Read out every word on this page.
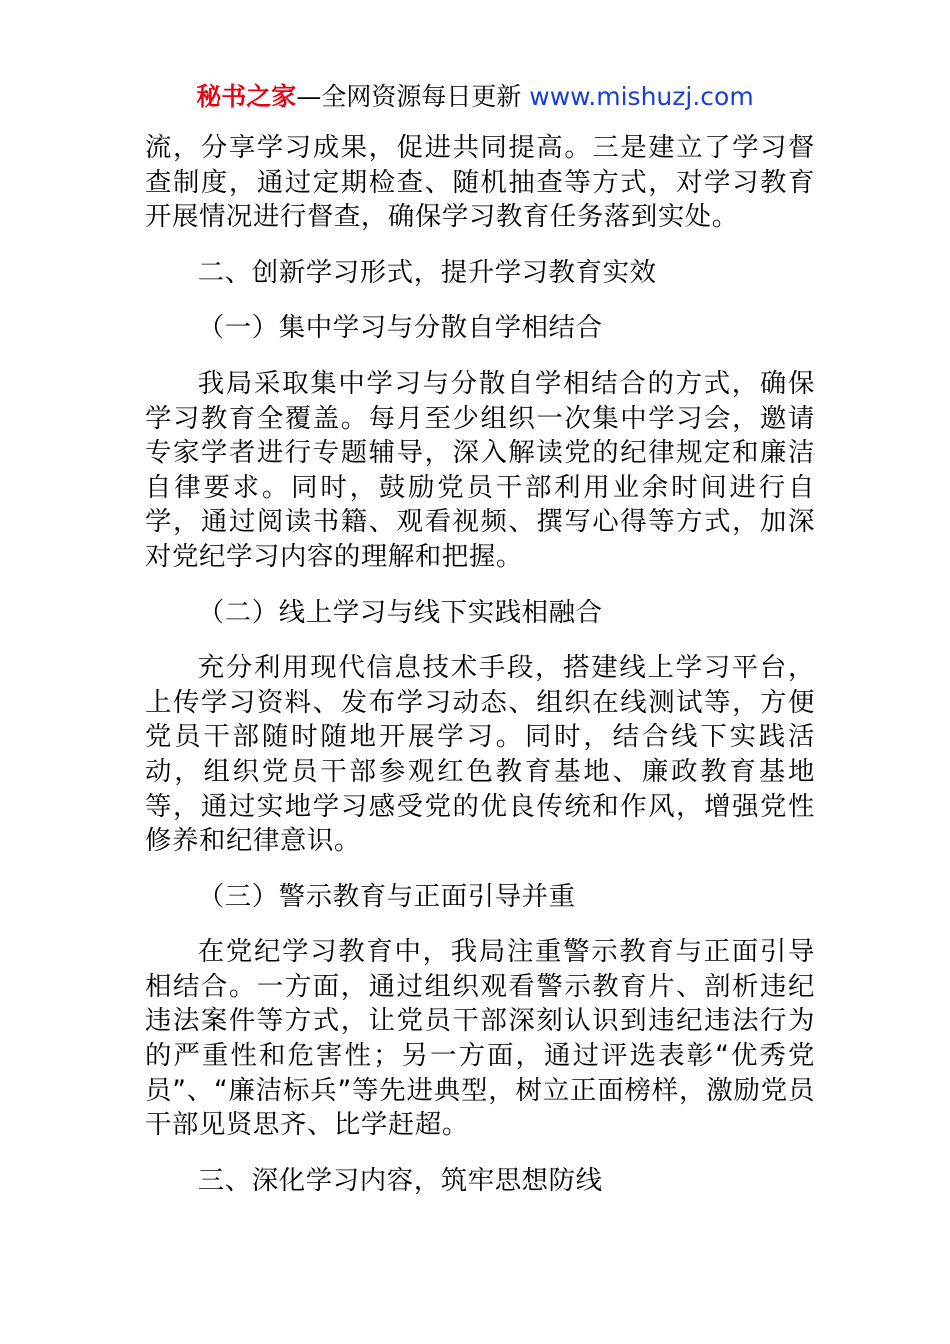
秘书之家—全网资源每日更新 www.mishuzj.com

流，分享学习成果，促进共同提高。三是建立了学习督查制度，通过定期检查、随机抽查等方式，对学习教育开展情况进行督查，确保学习教育任务落到实处。

二、创新学习形式，提升学习教育实效

（一）集中学习与分散自学相结合

我局采取集中学习与分散自学相结合的方式，确保学习教育全覆盖。每月至少组织一次集中学习会，邀请专家学者进行专题辅导，深入解读党的纪律规定和廉洁自律要求。同时，鼓励党员干部利用业余时间进行自学，通过阅读书籍、观看视频、撰写心得等方式，加深对党纪学习内容的理解和把握。

（二）线上学习与线下实践相融合

充分利用现代信息技术手段，搭建线上学习平台，上传学习资料、发布学习动态、组织在线测试等，方便党员干部随时随地开展学习。同时，结合线下实践活动，组织党员干部参观红色教育基地、廉政教育基地等，通过实地学习感受党的优良传统和作风，增强党性修养和纪律意识。

（三）警示教育与正面引导并重

在党纪学习教育中，我局注重警示教育与正面引导相结合。一方面，通过组织观看警示教育片、剖析违纪违法案件等方式，让党员干部深刻认识到违纪违法行为的严重性和危害性；另一方面，通过评选表彰“优秀党员”、“廉洁标兵”等先进典型，树立正面榜样，激励党员干部见贤思齐、比学赶超。

三、深化学习内容，筑牢思想防线
